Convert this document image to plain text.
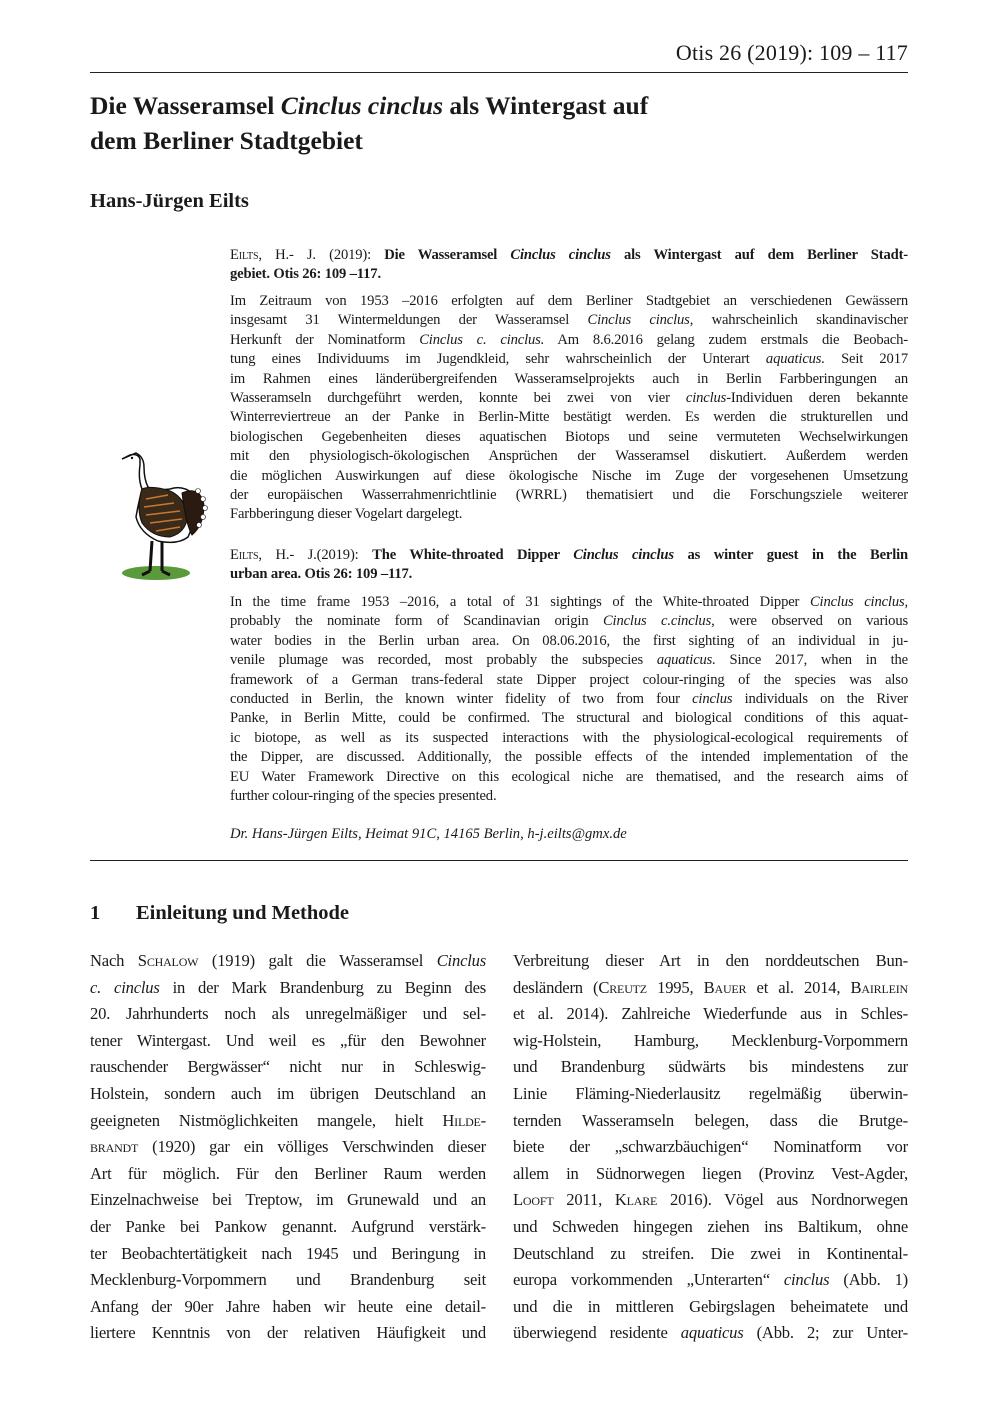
Otis 26 (2019): 109 – 117
Die Wasseramsel Cinclus cinclus als Wintergast auf
dem Berliner Stadtgebiet
Hans-Jürgen Eilts
Eilts, H.- J. (2019): Die Wasseramsel Cinclus cinclus als Wintergast auf dem Berliner Stadt-
gebiet. Otis 26: 109 –117.
Im Zeitraum von 1953 –2016 erfolgten auf dem Berliner Stadtgebiet an verschiedenen Gewässern
insgesamt 31 Wintermeldungen der Wasseramsel Cinclus cinclus, wahrscheinlich skandinavischer
Herkunft der Nominatform Cinclus c. cinclus. Am 8.6.2016 gelang zudem erstmals die Beobach-
tung eines Individuums im Jugendkleid, sehr wahrscheinlich der Unterart aquaticus. Seit 2017
im Rahmen eines länderübergreifenden Wasseramselprojekts auch in Berlin Farbberingungen an
Wasseramseln durchgeführt werden, konnte bei zwei von vier cinclus-Individuen deren bekannte
Winterreviertreue an der Panke in Berlin-Mitte bestätigt werden. Es werden die strukturellen und
biologischen Gegebenheiten dieses aquatischen Biotops und seine vermuteten Wechselwirkungen
mit den physiologisch-ökologischen Ansprüchen der Wasseramsel diskutiert. Außerdem werden
die möglichen Auswirkungen auf diese ökologische Nische im Zuge der vorgesehenen Umsetzung
der europäischen Wasserrahmenrichtlinie (WRRL) thematisiert und die Forschungsziele weiterer
Farbberingung dieser Vogelart dargelegt.
Eilts, H.- J.(2019): The White-throated Dipper Cinclus cinclus as winter guest in the Berlin
urban area. Otis 26: 109 –117.
In the time frame 1953 –2016, a total of 31 sightings of the White-throated Dipper Cinclus cinclus,
probably the nominate form of Scandinavian origin Cinclus c.cinclus, were observed on various
water bodies in the Berlin urban area. On 08.06.2016, the first sighting of an individual in ju-
venile plumage was recorded, most probably the subspecies aquaticus. Since 2017, when in the
framework of a German trans-federal state Dipper project colour-ringing of the species was also
conducted in Berlin, the known winter fidelity of two from four cinclus individuals on the River
Panke, in Berlin Mitte, could be confirmed. The structural and biological conditions of this aquat-
ic biotope, as well as its suspected interactions with the physiological-ecological requirements of
the Dipper, are discussed. Additionally, the possible effects of the intended implementation of the
EU Water Framework Directive on this ecological niche are thematised, and the research aims of
further colour-ringing of the species presented.
Dr. Hans-Jürgen Eilts, Heimat 91C, 14165 Berlin, h-j.eilts@gmx.de
1 Einleitung und Methode
Nach Schalow (1919) galt die Wasseramsel Cinclus
c. cinclus in der Mark Brandenburg zu Beginn des
20. Jahrhunderts noch als unregelmäßiger und sel-
tener Wintergast. Und weil es „für den Bewohner
rauschender Bergwässer“ nicht nur in Schleswig-
Holstein, sondern auch im übrigen Deutschland an
geeigneten Nistmöglichkeiten mangele, hielt Hilde-
brandt (1920) gar ein völliges Verschwinden dieser
Art für möglich. Für den Berliner Raum werden
Einzelnachweise bei Treptow, im Grunewald und an
der Panke bei Pankow genannt. Aufgrund verstärk-
ter Beobachtertätigkeit nach 1945 und Beringung in
Mecklenburg-Vorpommern und Brandenburg seit
Anfang der 90er Jahre haben wir heute eine detail-
liertere Kenntnis von der relativen Häufigkeit und
Verbreitung dieser Art in den norddeutschen Bun-
desländern (Creutz 1995, Bauer et al. 2014, Bairlein
et al. 2014). Zahlreiche Wiederfunde aus in Schles-
wig-Holstein, Hamburg, Mecklenburg-Vorpommern
und Brandenburg südwärts bis mindestens zur
Linie Fläming-Niederlausitz regelmäßig überwin-
ternden Wasseramseln belegen, dass die Brutge-
biete der „schwarzbäuchigen“ Nominatform vor
allem in Südnorwegen liegen (Provinz Vest-Agder,
Looft 2011, Klare 2016). Vögel aus Nordnorwegen
und Schweden hingegen ziehen ins Baltikum, ohne
Deutschland zu streifen. Die zwei in Kontinental-
europa vorkommenden „Unterarten“ cinclus (Abb. 1)
und die in mittleren Gebirgslagen beheimatete und
überwiegend residente aquaticus (Abb. 2; zur Unter-
